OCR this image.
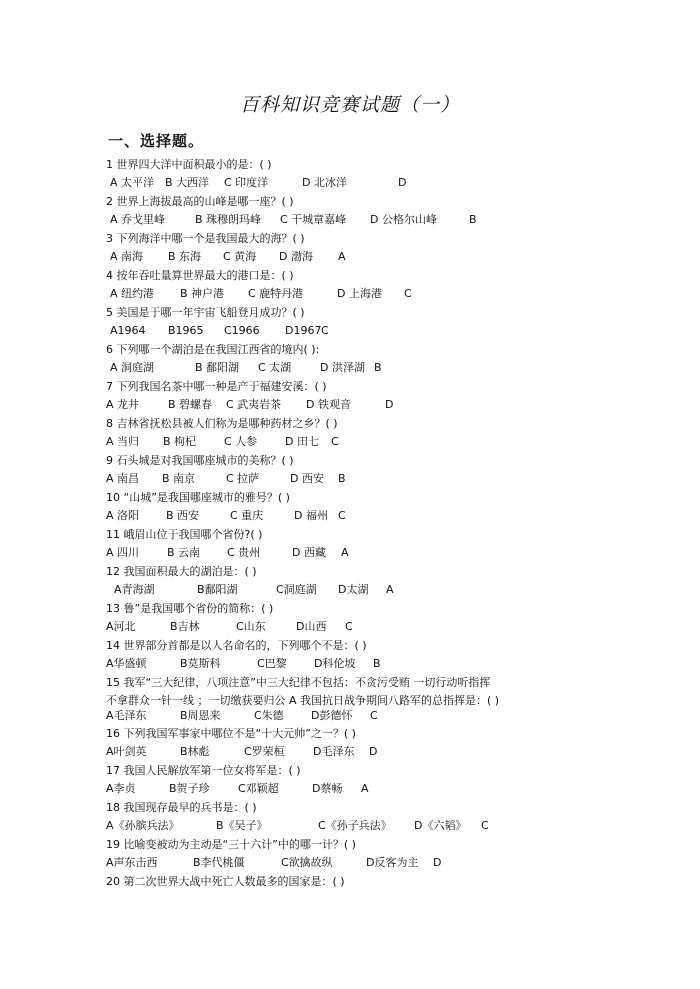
百科知识竞赛试题（一）
一、选择题。
1 世界四大洋中面积最小的是：( )
A 太平洋 B 大西洋 C 印度洋	D 北冰洋	D
2 世界上海拔最高的山峰是哪一座？( )
A 乔戈里峰	B 珠穆朗玛峰 C 干城章嘉峰 D 公格尔山峰	B
3 下列海洋中哪一个是我国最大的海？( )
A 南海 B 东海 C 黄海 D 渤海 A
4 按年吞吐量算世界最大的港口是：( )
A 纽约港 B 神户港 C 鹿特丹港	D 上海港 C
5 美国是于哪一年宇宙飞船登月成功？( )
A1964 B1965 C1966 D1967 C
6 下列哪一个湖泊是在我国江西省的境内( ):
A 洞庭湖	B 鄱阳湖 C 太湖	D 洪泽湖 B
7 下列我国名茶中哪一种是产于福建安溪：( )
A 龙井	B 碧螺春 C 武夷岩茶 D 铁观音	D
8 吉林省抚松县被人们称为是哪种药材之乡？( )
A 当归 B 枸杞	C 人参	D 田七 C
9 石头城是对我国哪座城市的美称？( )
A 南昌 B 南京	C 拉萨	D 西安 B
10 “山城”是我国哪座城市的雅号？( )
A 洛阳 B 西安	C 重庆	D 福州 C
11 峨眉山位于我国哪个省份?( )
A 四川	B 云南 C 贵州	D 西藏 A
12 我国面积最大的湖泊是：( )
A青海湖	B鄱阳湖	C洞庭湖 D太湖 A
13 鲁”是我国哪个省份的简称：( )
A河北	B吉林	C山东	D山西 C
14 世界部分首都是以人名命名的，下列哪个不是：( )
A华盛顿	B莫斯科	C巴黎 D科伦坡 B
15 我军“三大纪律，八项注意”中三大纪律不包括：不贪污受贿 一切行动听指挥
不拿群众一针一线 ；一切缴获要归公 A 我国抗日战争期间八路军的总指挥是：( )
A毛泽东	B周恩来	C朱德 D彭德怀 C
16 下列我国军事家中哪位不是“十大元帅”之一？( )
A叶剑英	B林彪	C罗荣桓	D毛泽东 D
17 我国人民解放军第一位女将军是：( )
A李贞	B贺子珍	C邓颖超	D蔡畅 A
18 我国现存最早的兵书是：( )
A《孙膑兵法》	B《吴子》	C《孙子兵法》 D《六韬》 C
19 比喻变被动为主动是“三十六计”中的哪一计？( )
A声东击西	B李代桃僵	C欲擒故纵	D反客为主 D
20 第二次世界大战中死亡人数最多的国家是：( )
